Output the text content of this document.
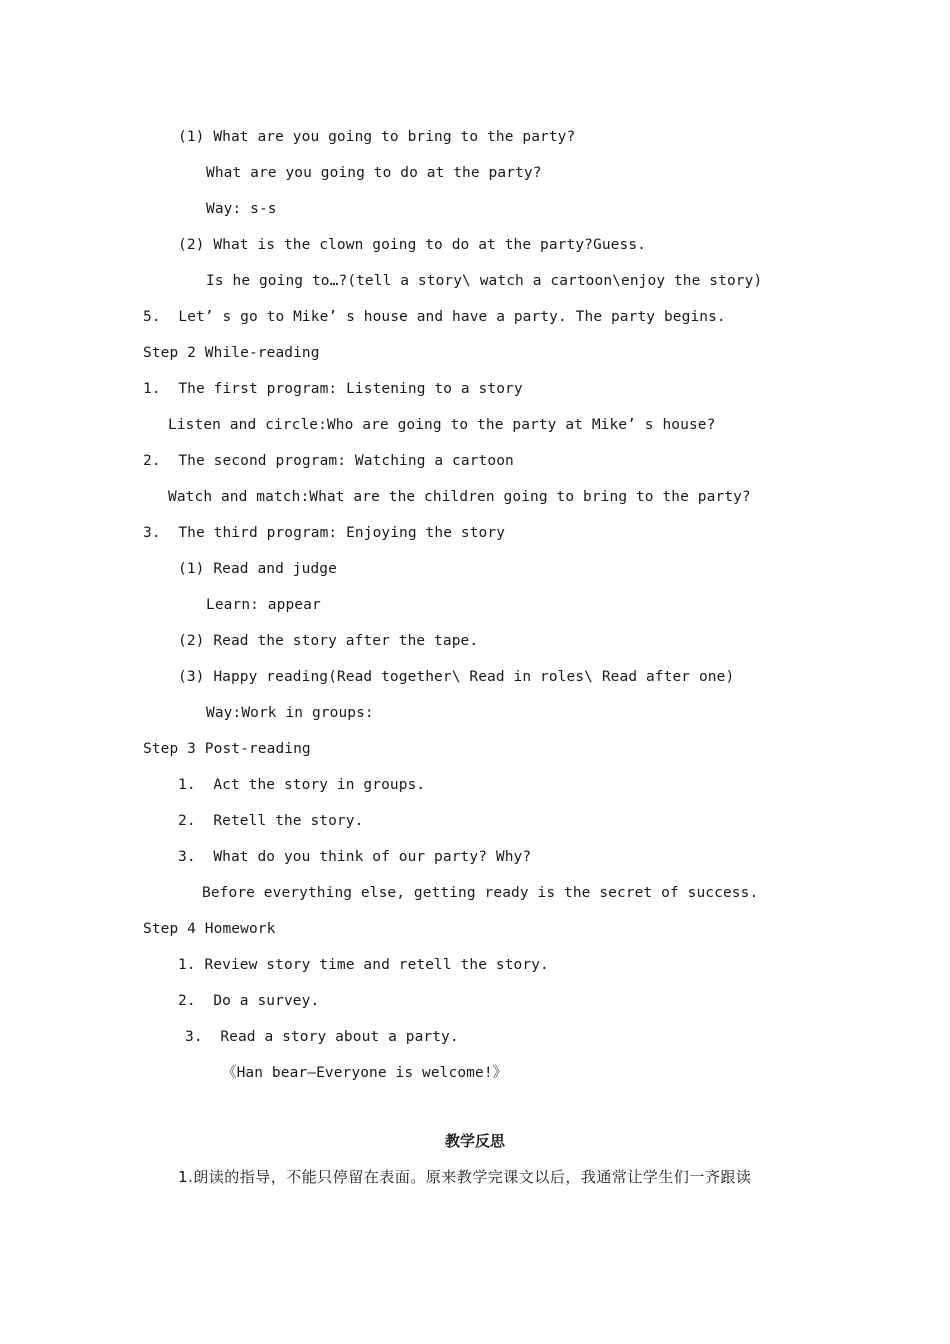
(1) What are you going to bring to the party?
What are you going to do at the party?
Way: s-s
(2) What is the clown going to do at the party?Guess.
Is he going to…?(tell a story\ watch a cartoon\enjoy the story)
5.  Let’ s go to Mike’ s house and have a party. The party begins.
Step 2 While-reading
1.  The first program: Listening to a story
Listen and circle:Who are going to the party at Mike’ s house?
2.  The second program: Watching a cartoon
Watch and match:What are the children going to bring to the party?
3.  The third program: Enjoying the story
(1) Read and judge
Learn: appear
(2) Read the story after the tape.
(3) Happy reading(Read together\ Read in roles\ Read after one)
Way:Work in groups:
Step 3 Post-reading
1.  Act the story in groups.
2.  Retell the story.
3.  What do you think of our party? Why?
Before everything else, getting ready is the secret of success.
Step 4 Homework
1. Review story time and retell the story.
2.  Do a survey.
3.  Read a story about a party.
《Han bear—Everyone is welcome!》
教学反思
1.朗读的指导，不能只停留在表面。原来教学完课文以后，我通常让学生们一齐跟读
